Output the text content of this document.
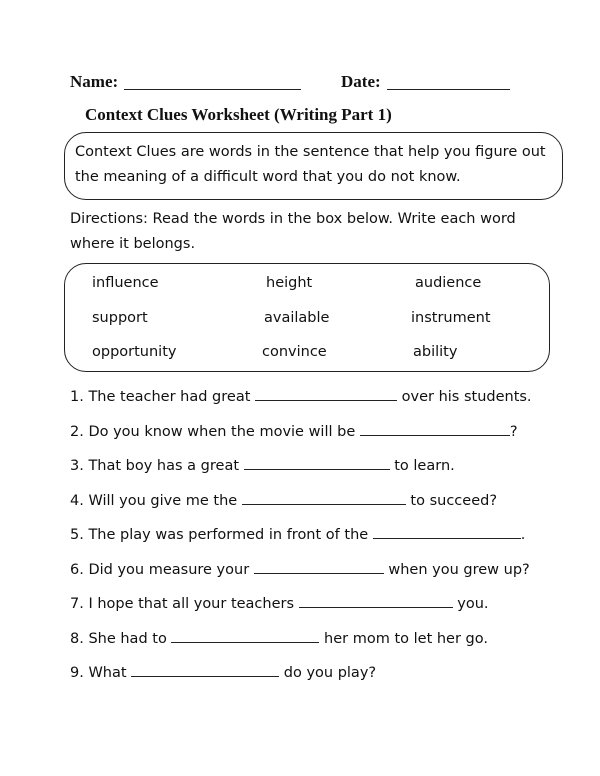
Name:	Date:
Context Clues Worksheet (Writing Part 1)

Context Clues are words in the sentence that help you figure out the meaning of a difficult word that you do not know.

Directions: Read the words in the box below. Write each word where it belongs.
influence	height	audience
support	available	instrument
opportunity	convince	ability
1. The teacher had great	over his students.
2. Do you know when the movie will be	?
3. That boy has a great	to learn.
4. Will you give me the	to succeed?
5. The play was performed in front of the	.
6. Did you measure your	when you grew up?
7. I hope that all your teachers	you.
8. She had to	her mom to let her go.
9. What	do you play?
